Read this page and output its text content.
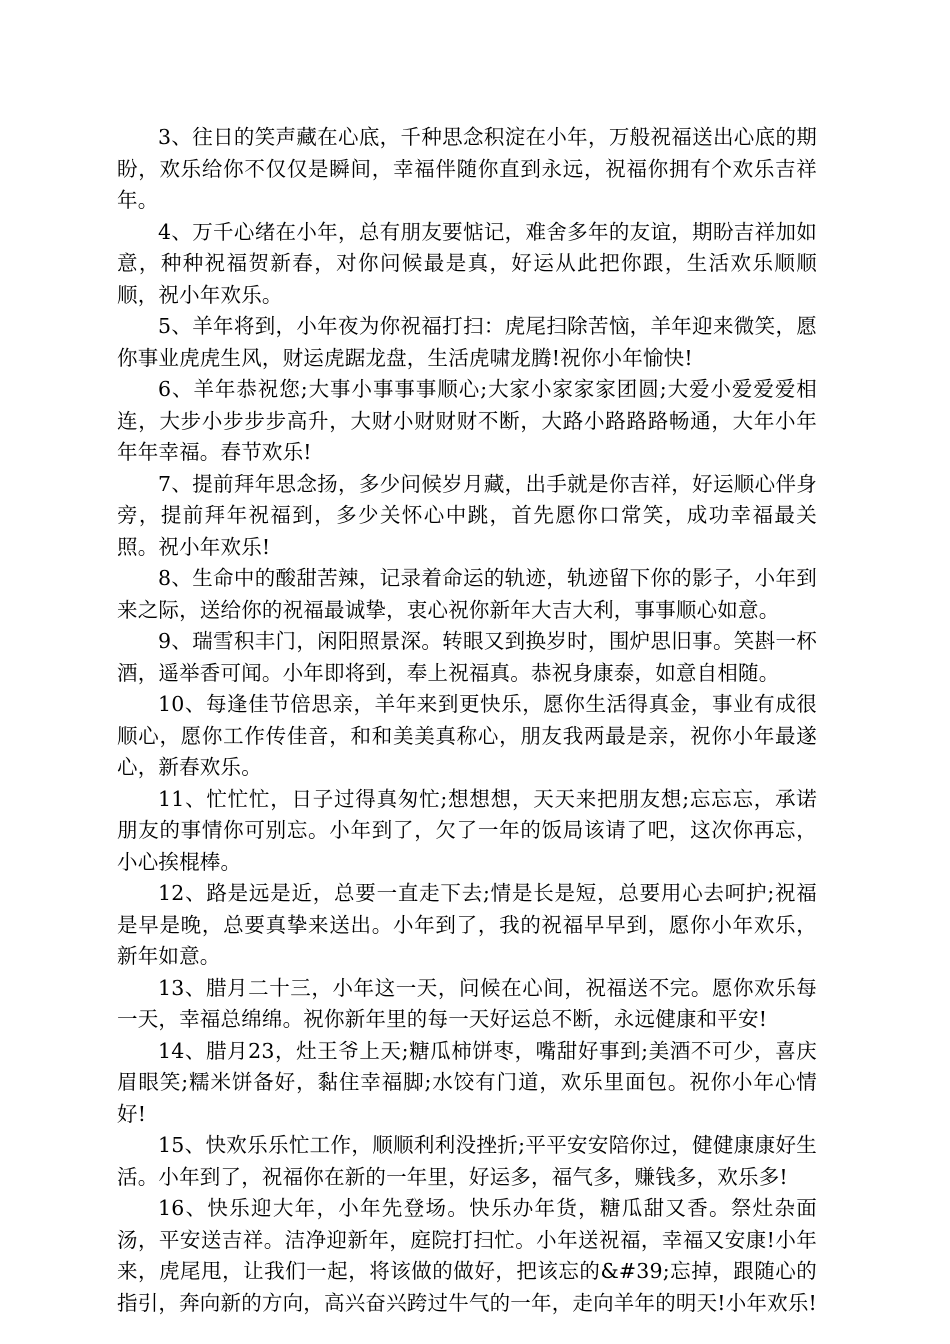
3、往日的笑声藏在心底，千种思念积淀在小年，万般祝福送出心底的期盼，欢乐给你不仅仅是瞬间，幸福伴随你直到永远，祝福你拥有个欢乐吉祥年。

4、万千心绪在小年，总有朋友要惦记，难舍多年的友谊，期盼吉祥加如意，种种祝福贺新春，对你问候最是真，好运从此把你跟，生活欢乐顺顺顺，祝小年欢乐。

5、羊年将到，小年夜为你祝福打扫：虎尾扫除苦恼，羊年迎来微笑，愿你事业虎虎生风，财运虎踞龙盘，生活虎啸龙腾!祝你小年愉快!

6、羊年恭祝您;大事小事事事顺心;大家小家家家团圆;大爱小爱爱爱相连，大步小步步步高升，大财小财财财不断，大路小路路路畅通，大年小年年年幸福。春节欢乐!

7、提前拜年思念扬，多少问候岁月藏，出手就是你吉祥，好运顺心伴身旁，提前拜年祝福到，多少关怀心中跳，首先愿你口常笑，成功幸福最关照。祝小年欢乐!

8、生命中的酸甜苦辣，记录着命运的轨迹，轨迹留下你的影子，小年到来之际，送给你的祝福最诚挚，衷心祝你新年大吉大利，事事顺心如意。

9、瑞雪积丰门，闲阳照景深。转眼又到换岁时，围炉思旧事。笑斟一杯酒，遥举香可闻。小年即将到，奉上祝福真。恭祝身康泰，如意自相随。

10、每逢佳节倍思亲，羊年来到更快乐，愿你生活得真金，事业有成很顺心，愿你工作传佳音，和和美美真称心，朋友我两最是亲，祝你小年最遂心，新春欢乐。

11、忙忙忙，日子过得真匆忙;想想想，天天来把朋友想;忘忘忘，承诺朋友的事情你可别忘。小年到了，欠了一年的饭局该请了吧，这次你再忘，小心挨棍棒。

12、路是远是近，总要一直走下去;情是长是短，总要用心去呵护;祝福是早是晚，总要真挚来送出。小年到了，我的祝福早早到，愿你小年欢乐，新年如意。

13、腊月二十三，小年这一天，问候在心间，祝福送不完。愿你欢乐每一天，幸福总绵绵。祝你新年里的每一天好运总不断，永远健康和平安!

14、腊月23，灶王爷上天;糖瓜柿饼枣，嘴甜好事到;美酒不可少，喜庆眉眼笑;糯米饼备好，黏住幸福脚;水饺有门道，欢乐里面包。祝你小年心情好!

15、快欢乐乐忙工作，顺顺利利没挫折;平平安安陪你过，健健康康好生活。小年到了，祝福你在新的一年里，好运多，福气多，赚钱多，欢乐多!

16、快乐迎大年，小年先登场。快乐办年货，糖瓜甜又香。祭灶杂面汤，平安送吉祥。洁净迎新年，庭院打扫忙。小年送祝福，幸福又安康!小年来，虎尾甩，让我们一起，将该做的做好，把该忘的&#39;忘掉，跟随心的指引，奔向新的方向，高兴奋兴跨过牛气的一年，走向羊年的明天!小年欢乐!
